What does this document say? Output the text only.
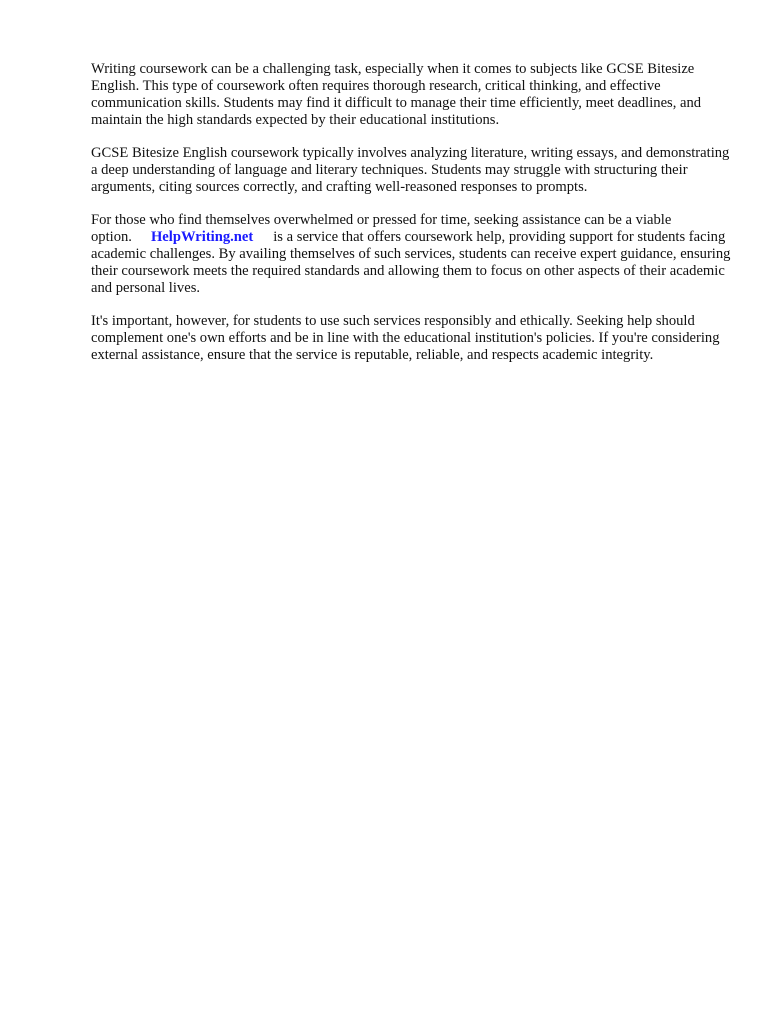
Writing coursework can be a challenging task, especially when it comes to subjects like GCSE Bitesize English. This type of coursework often requires thorough research, critical thinking, and effective communication skills. Students may find it difficult to manage their time efficiently, meet deadlines, and maintain the high standards expected by their educational institutions.

GCSE Bitesize English coursework typically involves analyzing literature, writing essays, and demonstrating a deep understanding of language and literary techniques. Students may struggle with structuring their arguments, citing sources correctly, and crafting well-reasoned responses to prompts.

For those who find themselves overwhelmed or pressed for time, seeking assistance can be a viable option. HelpWriting.net is a service that offers coursework help, providing support for students facing academic challenges. By availing themselves of such services, students can receive expert guidance, ensuring their coursework meets the required standards and allowing them to focus on other aspects of their academic and personal lives.

It's important, however, for students to use such services responsibly and ethically. Seeking help should complement one's own efforts and be in line with the educational institution's policies. If you're considering external assistance, ensure that the service is reputable, reliable, and respects academic integrity.
